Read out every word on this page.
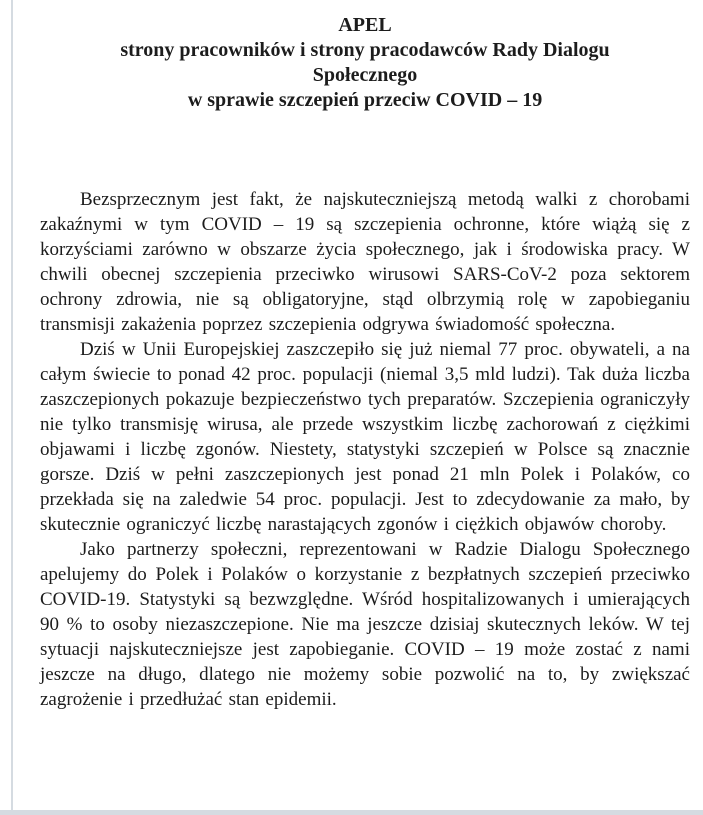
APEL
strony pracowników i strony pracodawców Rady Dialogu
Społecznego
w sprawie szczepień przeciw COVID – 19

Bezsprzecznym jest fakt, że najskuteczniejszą metodą walki z chorobami zakaźnymi w tym COVID – 19 są szczepienia ochronne, które wiążą się z korzyściami zarówno w obszarze życia społecznego, jak i środowiska pracy. W chwili obecnej szczepienia przeciwko wirusowi SARS-CoV-2 poza sektorem ochrony zdrowia, nie są obligatoryjne, stąd olbrzymią rolę w zapobieganiu transmisji zakażenia poprzez szczepienia odgrywa świadomość społeczna.

Dziś w Unii Europejskiej zaszczepiło się już niemal 77 proc. obywateli, a na całym świecie to ponad 42 proc. populacji (niemal 3,5 mld ludzi). Tak duża liczba zaszczepionych pokazuje bezpieczeństwo tych preparatów. Szczepienia ograniczyły nie tylko transmisję wirusa, ale przede wszystkim liczbę zachorowań z ciężkimi objawami i liczbę zgonów. Niestety, statystyki szczepień w Polsce są znacznie gorsze. Dziś w pełni zaszczepionych jest ponad 21 mln Polek i Polaków, co przekłada się na zaledwie 54 proc. populacji. Jest to zdecydowanie za mało, by skutecznie ograniczyć liczbę narastających zgonów i ciężkich objawów choroby.

Jako partnerzy społeczni, reprezentowani w Radzie Dialogu Społecznego apelujemy do Polek i Polaków o korzystanie z bezpłatnych szczepień przeciwko COVID-19. Statystyki są bezwzględne. Wśród hospitalizowanych i umierających 90 % to osoby niezaszczepione. Nie ma jeszcze dzisiaj skutecznych leków. W tej sytuacji najskuteczniejsze jest zapobieganie. COVID – 19 może zostać z nami jeszcze na długo, dlatego nie możemy sobie pozwolić na to, by zwiększać zagrożenie i przedłużać stan epidemii.
